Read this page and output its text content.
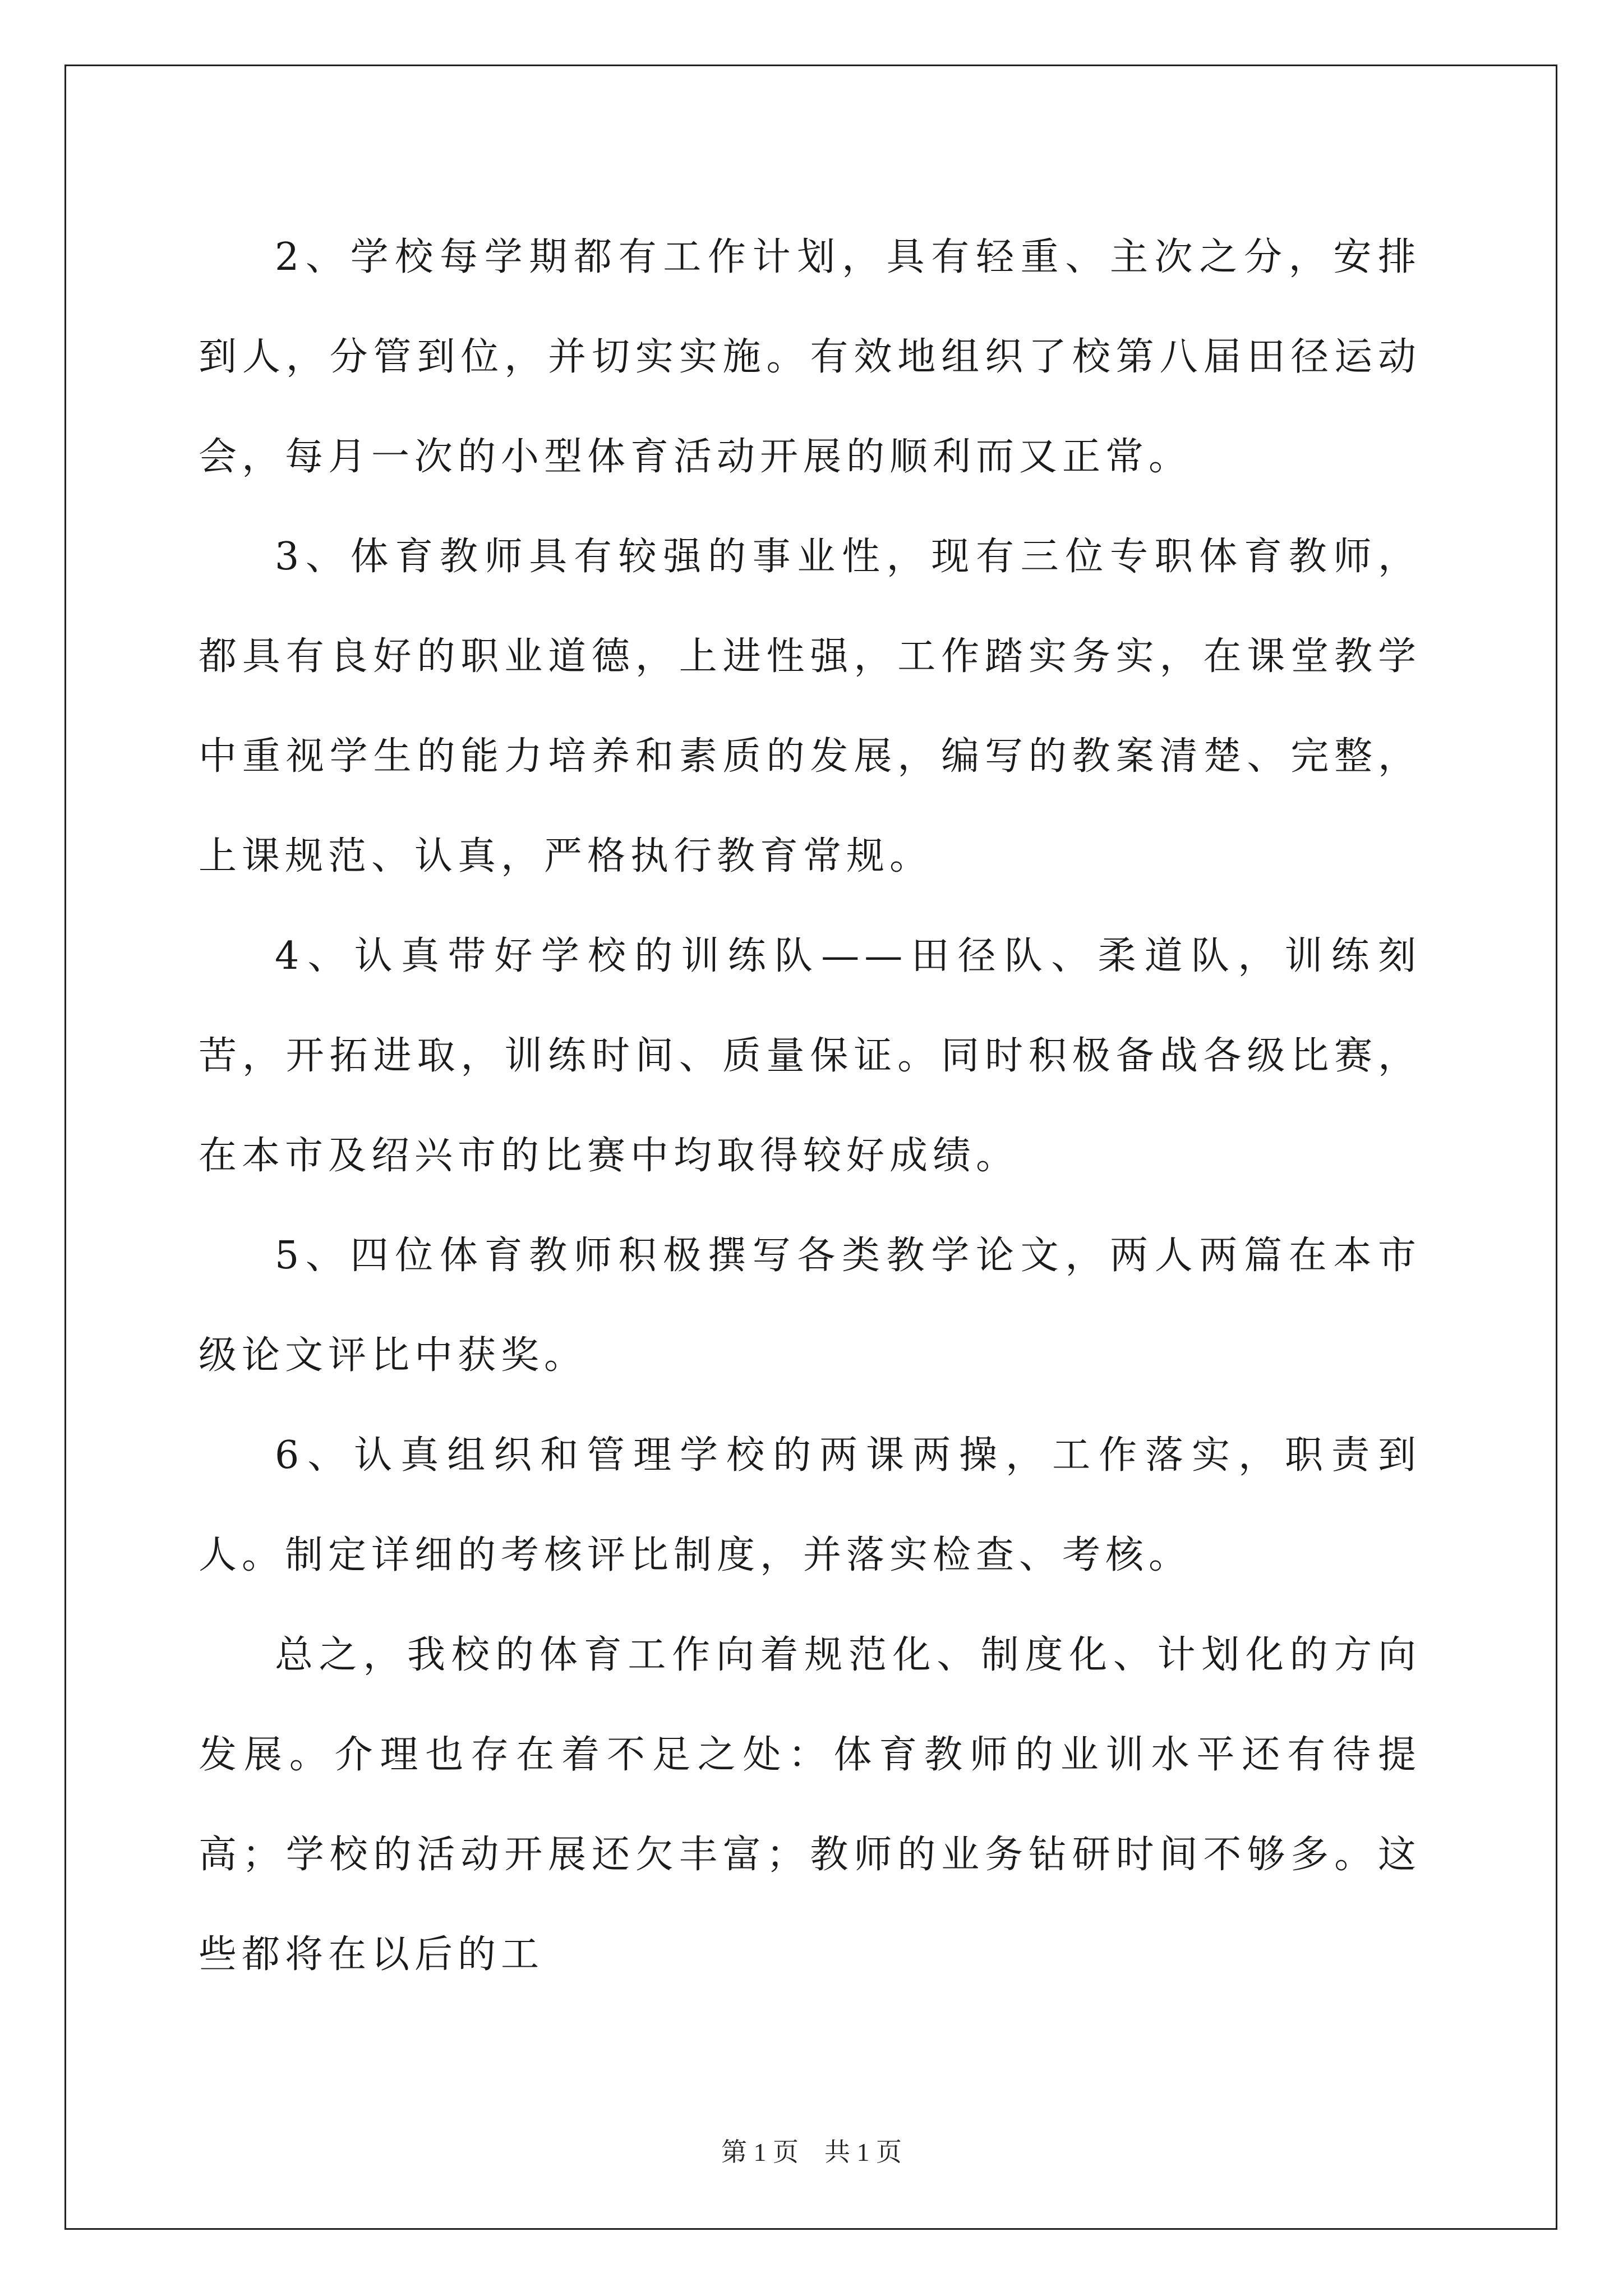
2、学校每学期都有工作计划，具有轻重、主次之分，安排到人，分管到位，并切实实施。有效地组织了校第八届田径运动会，每月一次的小型体育活动开展的顺利而又正常。

3、体育教师具有较强的事业性，现有三位专职体育教师，都具有良好的职业道德，上进性强，工作踏实务实，在课堂教学中重视学生的能力培养和素质的发展，编写的教案清楚、完整，上课规范、认真，严格执行教育常规。

4、认真带好学校的训练队——田径队、柔道队，训练刻苦，开拓进取，训练时间、质量保证。同时积极备战各级比赛，在本市及绍兴市的比赛中均取得较好成绩。

5、四位体育教师积极撰写各类教学论文，两人两篇在本市级论文评比中获奖。

6、认真组织和管理学校的两课两操，工作落实，职责到人。制定详细的考核评比制度，并落实检查、考核。

总之，我校的体育工作向着规范化、制度化、计划化的方向发展。介理也存在着不足之处：体育教师的业训水平还有待提高；学校的活动开展还欠丰富；教师的业务钻研时间不够多。这些都将在以后的工

第 1 页    共 1 页
